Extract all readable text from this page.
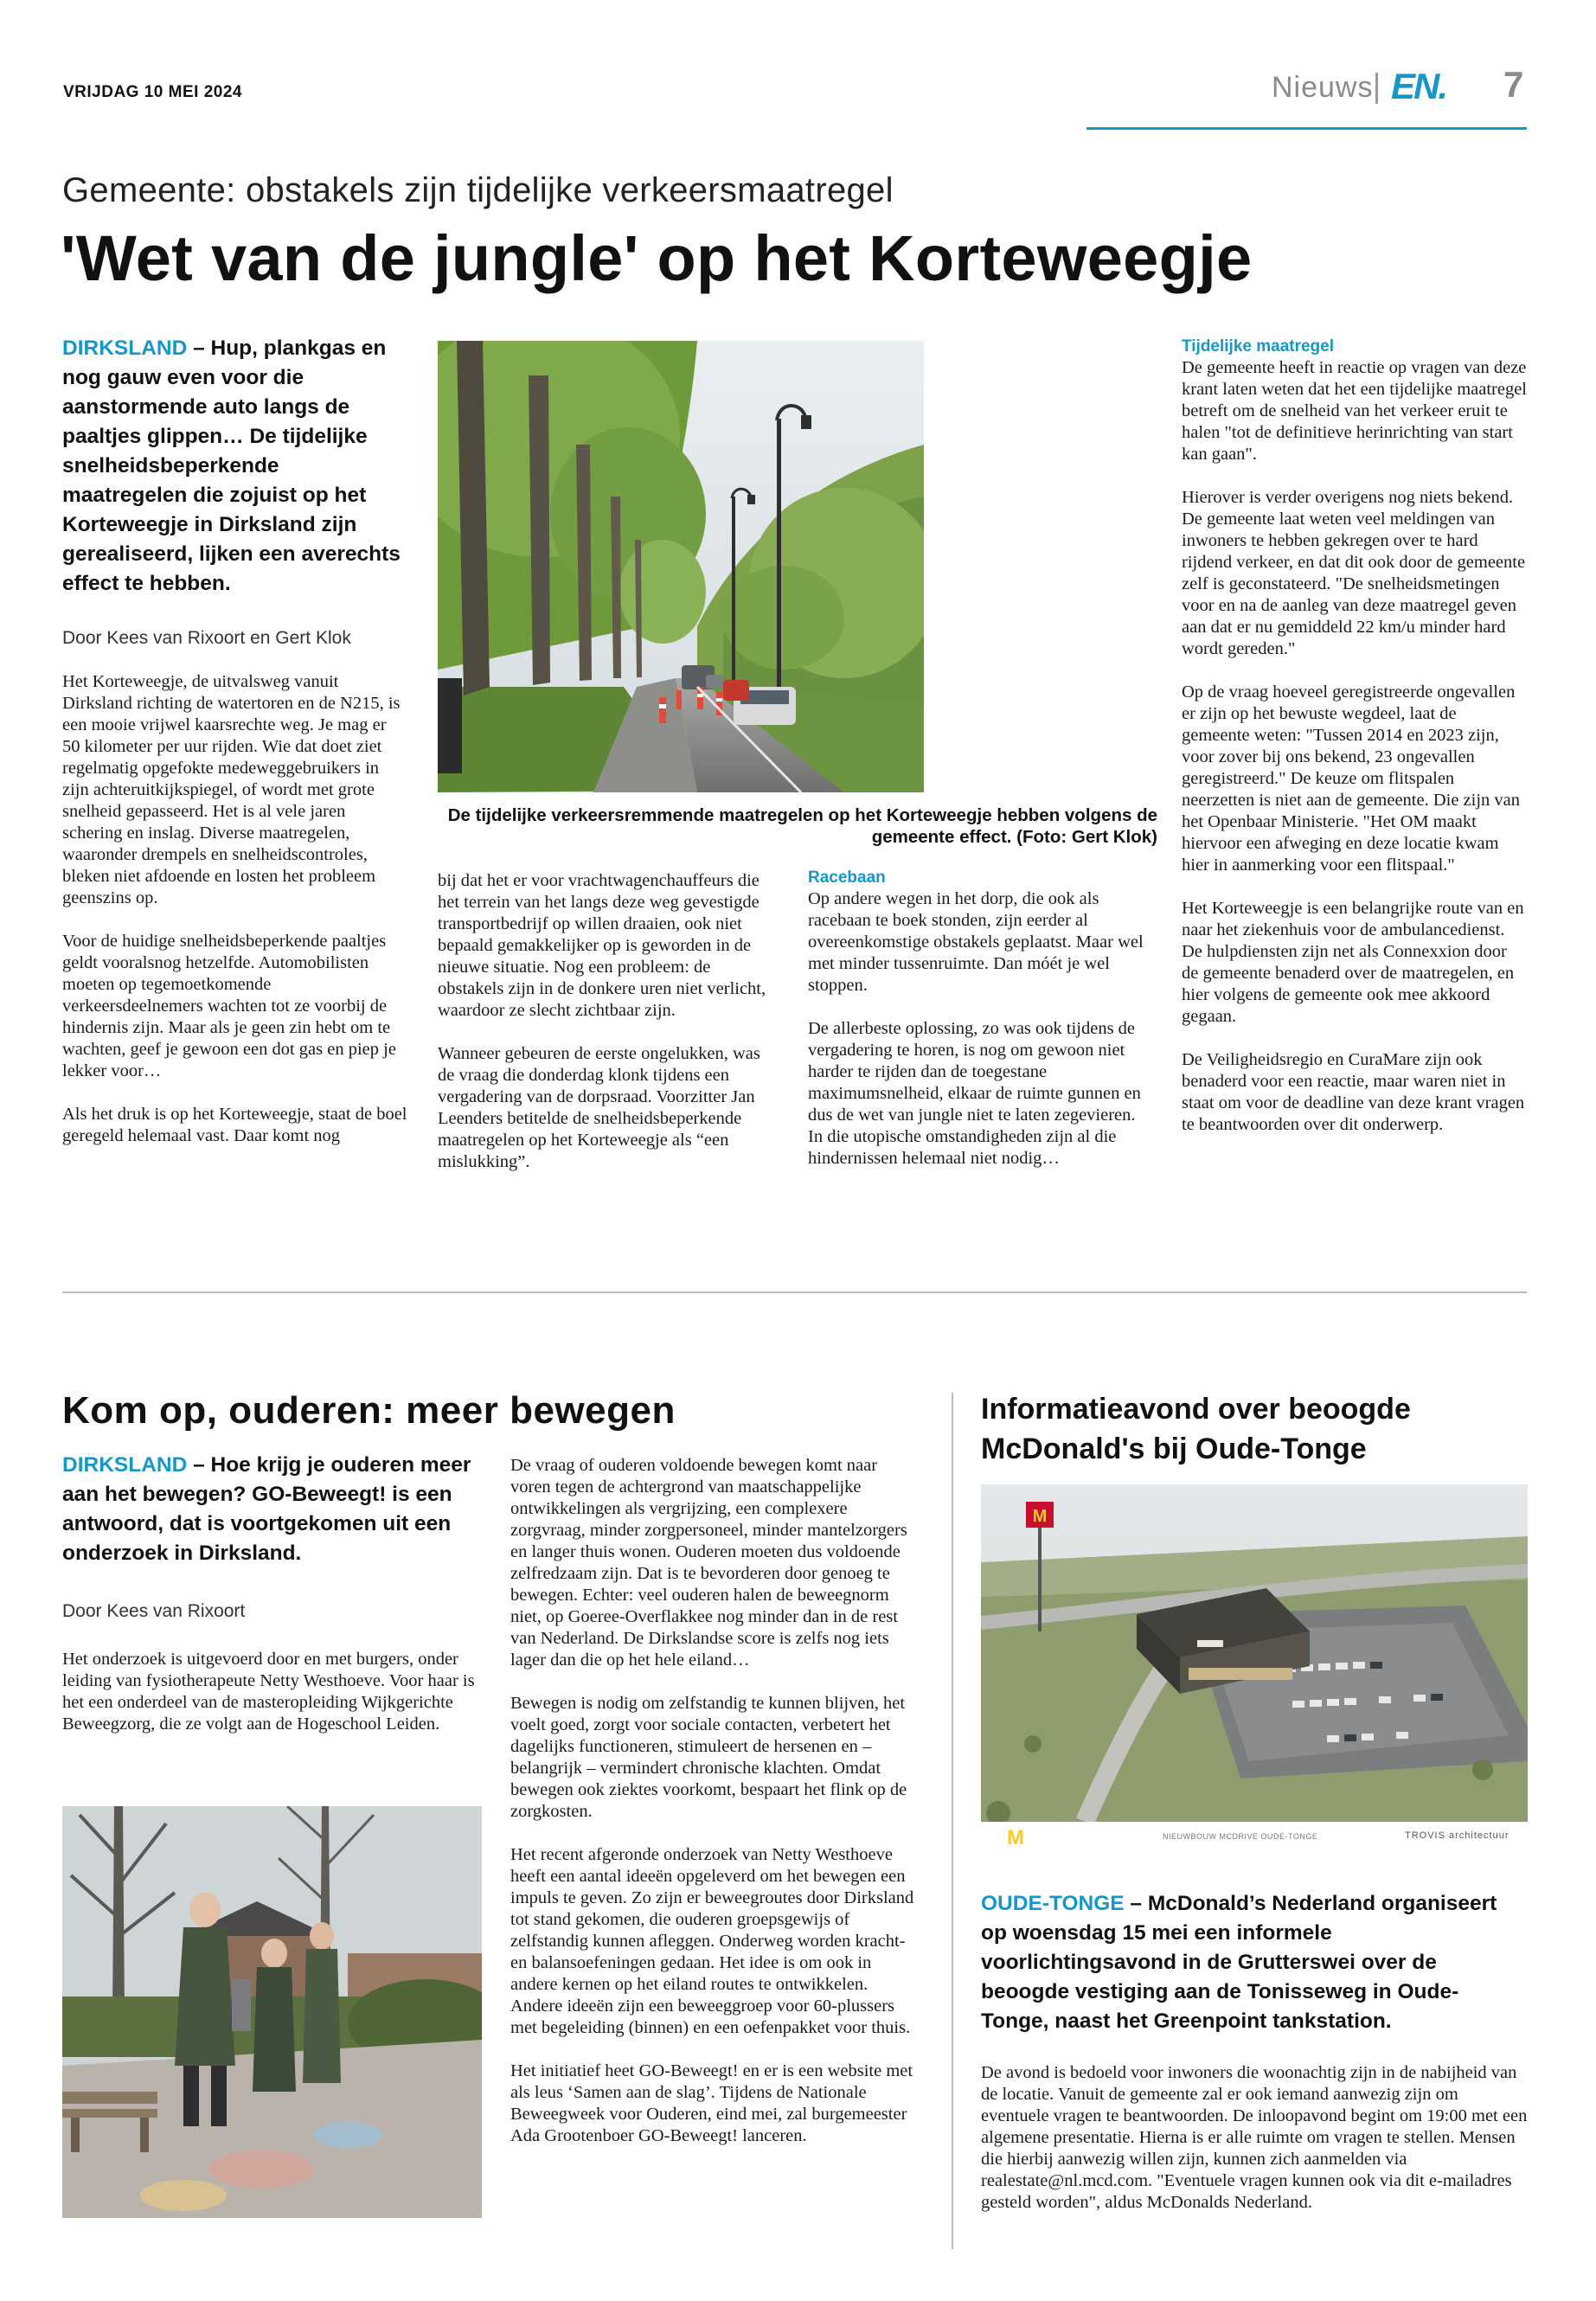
VRIJDAG 10 MEI 2024	Nieuws EN. 7
Gemeente: obstakels zijn tijdelijke verkeersmaatregel
'Wet van de jungle' op het Korteweegje
DIRKSLAND – Hup, plankgas en nog gauw even voor die aanstormende auto langs de paaltjes glippen… De tijdelijke snelheidsbeperkende maatregelen die zojuist op het Korteweegje in Dirksland zijn gerealiseerd, lijken een averechts effect te hebben.
Door Kees van Rixoort en Gert Klok

Het Korteweegje, de uitvalsweg vanuit Dirksland richting de watertoren en de N215, is een mooie vrijwel kaarsrechte weg. Je mag er 50 kilometer per uur rijden. Wie dat doet ziet regelmatig opgefokte medeweggebruikers in zijn achteruitkijkspiegel, of wordt met grote snelheid gepasseerd. Het is al vele jaren schering en inslag. Diverse maatregelen, waaronder drempels en snelheidscontroles, bleken niet afdoende en losten het probleem geenszins op.

Voor de huidige snelheidsbeperkende paaltjes geldt vooralsnog hetzelfde. Automobilisten moeten op tegemoetkomende verkeersdeelnemers wachten tot ze voorbij de hindernis zijn. Maar als je geen zin hebt om te wachten, geef je gewoon een dot gas en piep je lekker voor…

Als het druk is op het Korteweegje, staat de boel geregeld helemaal vast. Daar komt nog

De tijdelijke verkeersremmende maatregelen op het Korteweegje hebben volgens de gemeente effect. (Foto: Gert Klok)

bij dat het er voor vrachtwagenchauffeurs die het terrein van het langs deze weg gevestigde transportbedrijf op willen draaien, ook niet bepaald gemakkelijker op is geworden in de nieuwe situatie. Nog een probleem: de obstakels zijn in de donkere uren niet verlicht, waardoor ze slecht zichtbaar zijn.

Wanneer gebeuren de eerste ongelukken, was de vraag die donderdag klonk tijdens een vergadering van de dorpsraad. Voorzitter Jan Leenders betitelde de snelheidsbeperkende maatregelen op het Korteweegje als “een mislukking”.

Racebaan

Op andere wegen in het dorp, die ook als racebaan te boek stonden, zijn eerder al overeenkomstige obstakels geplaatst. Maar wel met minder tussenruimte. Dan móét je wel stoppen.

De allerbeste oplossing, zo was ook tijdens de vergadering te horen, is nog om gewoon niet harder te rijden dan de toegestane maximumsnelheid, elkaar de ruimte gunnen en dus de wet van jungle niet te laten zegevieren. In die utopische omstandigheden zijn al die hindernissen helemaal niet nodig…

Tijdelijke maatregel

De gemeente heeft in reactie op vragen van deze krant laten weten dat het een tijdelijke maatregel betreft om de snelheid van het verkeer eruit te halen "tot de definitieve herinrichting van start kan gaan".

Hierover is verder overigens nog niets bekend. De gemeente laat weten veel meldingen van inwoners te hebben gekregen over te hard rijdend verkeer, en dat dit ook door de gemeente zelf is geconstateerd. "De snelheidsmetingen voor en na de aanleg van deze maatregel geven aan dat er nu gemiddeld 22 km/u minder hard wordt gereden."

Op de vraag hoeveel geregistreerde ongevallen er zijn op het bewuste wegdeel, laat de gemeente weten: "Tussen 2014 en 2023 zijn, voor zover bij ons bekend, 23 ongevallen geregistreerd." De keuze om flitspalen neerzetten is niet aan de gemeente. Die zijn van het Openbaar Ministerie. "Het OM maakt hiervoor een afweging en deze locatie kwam hier in aanmerking voor een flitspaal."

Het Korteweegje is een belangrijke route van en naar het ziekenhuis voor de ambulancedienst. De hulpdiensten zijn net als Connexxion door de gemeente benaderd over de maatregelen, en hier volgens de gemeente ook mee akkoord gegaan.

De Veiligheidsregio en CuraMare zijn ook benaderd voor een reactie, maar waren niet in staat om voor de deadline van deze krant vragen te beantwoorden over dit onderwerp.

Kom op, ouderen: meer bewegen
DIRKSLAND – Hoe krijg je ouderen meer aan het bewegen? GO-Beweegt! is een antwoord, dat is voortgekomen uit een onderzoek in Dirksland.
Door Kees van Rixoort

Het onderzoek is uitgevoerd door en met burgers, onder leiding van fysiotherapeute Netty Westhoeve. Voor haar is het een onderdeel van de masteropleiding Wijkgerichte Beweegzorg, die ze volgt aan de Hogeschool Leiden.

De vraag of ouderen voldoende bewegen komt naar voren tegen de achtergrond van maatschappelijke ontwikkelingen als vergrijzing, een complexere zorgvraag, minder zorgpersoneel, minder mantelzorgers en langer thuis wonen. Ouderen moeten dus voldoende zelfredzaam zijn. Dat is te bevorderen door genoeg te bewegen. Echter: veel ouderen halen de beweegnorm niet, op Goeree-Overflakkee nog minder dan in de rest van Nederland. De Dirkslandse score is zelfs nog iets lager dan die op het hele eiland…

Bewegen is nodig om zelfstandig te kunnen blijven, het voelt goed, zorgt voor sociale contacten, verbetert het dagelijks functioneren, stimuleert de hersenen en – belangrijk – vermindert chronische klachten. Omdat bewegen ook ziektes voorkomt, bespaart het flink op de zorgkosten.

Het recent afgeronde onderzoek van Netty Westhoeve heeft een aantal ideeën opgeleverd om het bewegen een impuls te geven. Zo zijn er beweegroutes door Dirksland tot stand gekomen, die ouderen groepsgewijs of zelfstandig kunnen afleggen. Onderweg worden kracht- en balansoefeningen gedaan. Het idee is om ook in andere kernen op het eiland routes te ontwikkelen. Andere ideeën zijn een beweeggroep voor 60-plussers met begeleiding (binnen) en een oefenpakket voor thuis.

Het initiatief heet GO-Beweegt! en er is een website met als leus ‘Samen aan de slag’. Tijdens de Nationale Beweegweek voor Ouderen, eind mei, zal burgemeester Ada Grootenboer GO-Beweegt! lanceren.

Informatieavond over beoogde McDonald's bij Oude-Tonge
M
M	NIEUWBOUW MCDRIVE OUDE-TONGE	TROVIS architectuur
OUDE-TONGE – McDonald’s Nederland organiseert op woensdag 15 mei een informele voorlichtingsavond in de Grutterswei over de beoogde vestiging aan de Tonisseweg in Oude-Tonge, naast het Greenpoint tankstation.

De avond is bedoeld voor inwoners die woonachtig zijn in de nabijheid van de locatie. Vanuit de gemeente zal er ook iemand aanwezig zijn om eventuele vragen te beantwoorden. De inloopavond begint om 19:00 met een algemene presentatie. Hierna is er alle ruimte om vragen te stellen. Mensen die hierbij aanwezig willen zijn, kunnen zich aanmelden via realestate@nl.mcd.com. "Eventuele vragen kunnen ook via dit e-mailadres gesteld worden", aldus McDonalds Nederland.
